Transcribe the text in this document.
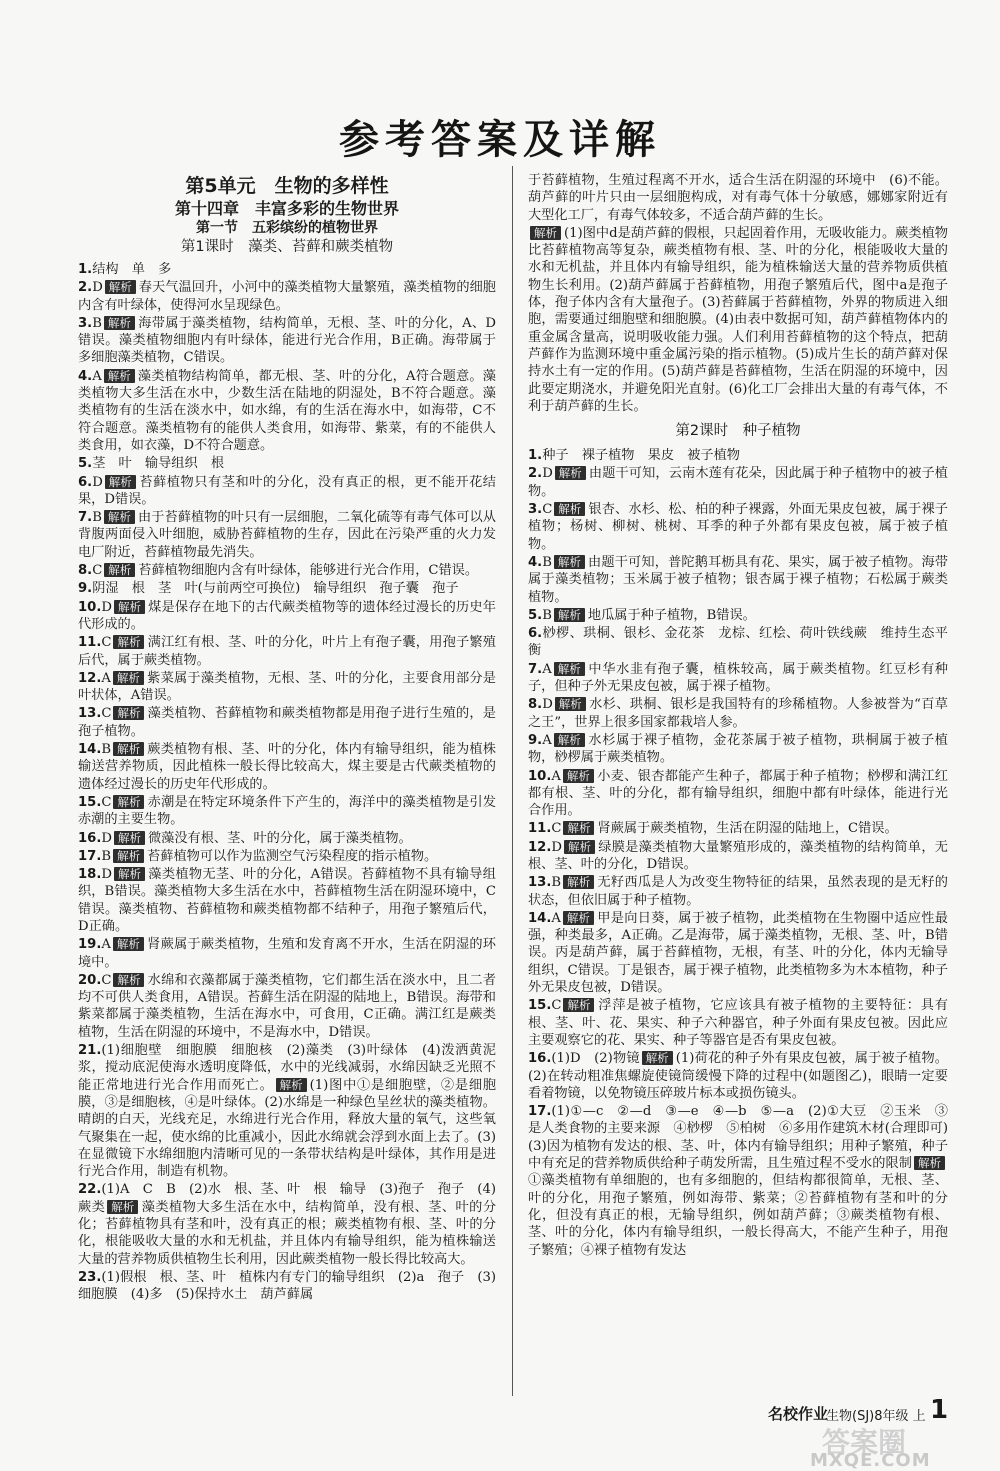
参考答案及详解
第5单元　生物的多样性
第十四章　丰富多彩的生物世界
第一节　五彩缤纷的植物世界
第1课时　藻类、苔藓和蕨类植物
1.结构　单　多
2.D 解析 春天气温回升，小河中的藻类植物大量繁殖，藻类植物的细胞内含有叶绿体，使得河水呈现绿色。
3.B 解析 海带属于藻类植物，结构简单，无根、茎、叶的分化，A、D错误。藻类植物细胞内有叶绿体，能进行光合作用，B正确。海带属于多细胞藻类植物，C错误。
4.A 解析 藻类植物结构简单，都无根、茎、叶的分化，A符合题意。藻类植物大多生活在水中，少数生活在陆地的阴湿处，B不符合题意。藻类植物有的生活在淡水中，如水绵，有的生活在海水中，如海带，C不符合题意。藻类植物有的能供人类食用，如海带、紫菜，有的不能供人类食用，如衣藻，D不符合题意。
5.茎　叶　输导组织　根
6.D 解析 苔藓植物只有茎和叶的分化，没有真正的根，更不能开花结果，D错误。
7.B 解析 由于苔藓植物的叶只有一层细胞，二氧化硫等有毒气体可以从背腹两面侵入叶细胞，威胁苔藓植物的生存，因此在污染严重的火力发电厂附近，苔藓植物最先消失。
8.C 解析 苔藓植物细胞内含有叶绿体，能够进行光合作用，C错误。
9.阴湿　根　茎　叶(与前两空可换位)　输导组织　孢子囊　孢子
10.D 解析 煤是保存在地下的古代蕨类植物等的遗体经过漫长的历史年代形成的。
11.C 解析 满江红有根、茎、叶的分化，叶片上有孢子囊，用孢子繁殖后代，属于蕨类植物。
12.A 解析 紫菜属于藻类植物，无根、茎、叶的分化，主要食用部分是叶状体，A错误。
13.C 解析 藻类植物、苔藓植物和蕨类植物都是用孢子进行生殖的，是孢子植物。
14.B 解析 蕨类植物有根、茎、叶的分化，体内有输导组织，能为植株输送营养物质，因此植株一般长得比较高大，煤主要是古代蕨类植物的遗体经过漫长的历史年代形成的。
15.C 解析 赤潮是在特定环境条件下产生的，海洋中的藻类植物是引发赤潮的主要生物。
16.D 解析 微藻没有根、茎、叶的分化，属于藻类植物。
17.B 解析 苔藓植物可以作为监测空气污染程度的指示植物。
18.D 解析 藻类植物无茎、叶的分化，A错误。苔藓植物不具有输导组织，B错误。藻类植物大多生活在水中，苔藓植物生活在阴湿环境中，C错误。藻类植物、苔藓植物和蕨类植物都不结种子，用孢子繁殖后代，D正确。
19.A 解析 肾蕨属于蕨类植物，生殖和发育离不开水，生活在阴湿的环境中。
20.C 解析 水绵和衣藻都属于藻类植物，它们都生活在淡水中，且二者均不可供人类食用，A错误。苔藓生活在阴湿的陆地上，B错误。海带和紫菜都属于藻类植物，生活在海水中，可食用，C正确。满江红是蕨类植物，生活在阴湿的环境中，不是海水中，D错误。
21.(1)细胞壁　细胞膜　细胞核　(2)藻类　(3)叶绿体　(4)泼洒黄泥浆，搅动底泥使海水透明度降低，水中的光线减弱，水绵因缺乏光照不能正常地进行光合作用而死亡。 解析 (1)图中①是细胞壁，②是细胞膜，③是细胞核，④是叶绿体。(2)水绵是一种绿色呈丝状的藻类植物。晴朗的白天，光线充足，水绵进行光合作用，释放大量的氧气，这些氧气聚集在一起，使水绵的比重减小，因此水绵就会浮到水面上去了。(3)在显微镜下水绵细胞内清晰可见的一条带状结构是叶绿体，其作用是进行光合作用，制造有机物。
22.(1)A　C　B　(2)水　根、茎、叶　根　输导　(3)孢子　孢子　(4)蕨类 解析 藻类植物大多生活在水中，结构简单，没有根、茎、叶的分化；苔藓植物具有茎和叶，没有真正的根；蕨类植物有根、茎、叶的分化，根能吸收大量的水和无机盐，并且体内有输导组织，能为植株输送大量的营养物质供植物生长利用，因此蕨类植物一般长得比较高大。
23.(1)假根　根、茎、叶　植株内有专门的输导组织　(2)a　孢子　(3)细胞膜　(4)多　(5)保持水土　葫芦藓属
于苔藓植物，生殖过程离不开水，适合生活在阴湿的环境中　(6)不能。葫芦藓的叶片只由一层细胞构成，对有毒气体十分敏感，娜娜家附近有大型化工厂，有毒气体较多，不适合葫芦藓的生长。
解析 (1)图中d是葫芦藓的假根，只起固着作用，无吸收能力。蕨类植物比苔藓植物高等复杂，蕨类植物有根、茎、叶的分化，根能吸收大量的水和无机盐，并且体内有输导组织，能为植株输送大量的营养物质供植物生长利用。(2)葫芦藓属于苔藓植物，用孢子繁殖后代，图中a是孢子体，孢子体内含有大量孢子。(3)苔藓属于苔藓植物，外界的物质进入细胞，需要通过细胞壁和细胞膜。(4)由表中数据可知，葫芦藓植物体内的重金属含量高，说明吸收能力强。人们利用苔藓植物的这个特点，把葫芦藓作为监测环境中重金属污染的指示植物。(5)成片生长的葫芦藓对保持水土有一定的作用。(5)葫芦藓是苔藓植物，生活在阴湿的环境中，因此要定期浇水，并避免阳光直射。(6)化工厂会排出大量的有毒气体，不利于葫芦藓的生长。
第2课时　种子植物
1.种子　裸子植物　果皮　被子植物
2.D 解析 由题干可知，云南木莲有花朵，因此属于种子植物中的被子植物。
3.C 解析 银杏、水杉、松、柏的种子裸露，外面无果皮包被，属于裸子植物；杨树、柳树、桃树、耳季的种子外都有果皮包被，属于被子植物。
4.B 解析 由题干可知，普陀鹅耳枥具有花、果实，属于被子植物。海带属于藻类植物；玉米属于被子植物；银杏属于裸子植物；石松属于蕨类植物。
5.B 解析 地瓜属于种子植物，B错误。
6.桫椤、珙桐、银杉、金花茶　龙棕、红桧、荷叶铁线蕨　维持生态平衡
7.A 解析 中华水韭有孢子囊，植株较高，属于蕨类植物。红豆杉有种子，但种子外无果皮包被，属于裸子植物。
8.D 解析 水杉、珙桐、银杉是我国特有的珍稀植物。人参被誉为“百草之王”，世界上很多国家都栽培人参。
9.A 解析 水杉属于裸子植物，金花茶属于被子植物，珙桐属于被子植物，桫椤属于蕨类植物。
10.A 解析 小麦、银杏都能产生种子，都属于种子植物；桫椤和满江红都有根、茎、叶的分化，都有输导组织，细胞中都有叶绿体，能进行光合作用。
11.C 解析 肾蕨属于蕨类植物，生活在阴湿的陆地上，C错误。
12.D 解析 绿膜是藻类植物大量繁殖形成的，藻类植物的结构简单，无根、茎、叶的分化，D错误。
13.B 解析 无籽西瓜是人为改变生物特征的结果，虽然表现的是无籽的状态，但依旧属于种子植物。
14.A 解析 甲是向日葵，属于被子植物，此类植物在生物圈中适应性最强，种类最多，A正确。乙是海带，属于藻类植物，无根、茎、叶，B错误。丙是葫芦藓，属于苔藓植物，无根，有茎、叶的分化，体内无输导组织，C错误。丁是银杏，属于裸子植物，此类植物多为木本植物，种子外无果皮包被，D错误。
15.C 解析 浮萍是被子植物，它应该具有被子植物的主要特征：具有根、茎、叶、花、果实、种子六种器官，种子外面有果皮包被。因此应主要观察它的花、果实、种子等器官是否有果皮包被。
16.(1)D　(2)物镜 解析 (1)荷花的种子外有果皮包被，属于被子植物。(2)在转动粗准焦螺旋使镜筒缓慢下降的过程中(如题图乙)，眼睛一定要看着物镜，以免物镜压碎玻片标本或损伤镜头。
17.(1)①—c　②—d　③—e　④—b　⑤—a　(2)①大豆　②玉米　③是人类食物的主要来源　④桫椤　⑤柏树　⑥多用作建筑木材(合理即可)　(3)因为植物有发达的根、茎、叶，体内有输导组织；用种子繁殖，种子中有充足的营养物质供给种子萌发所需，且生殖过程不受水的限制 解析①藻类植物有单细胞的，也有多细胞的，但结构都很简单，无根、茎、叶的分化，用孢子繁殖，例如海带、紫菜；②苔藓植物有茎和叶的分化，但没有真正的根，无输导组织，例如葫芦藓；③蕨类植物有根、茎、叶的分化，体内有输导组织，一般长得高大，不能产生种子，用孢子繁殖；④裸子植物有发达
名校作业
生物(SJ)8年级 上 1
答案圈
MXQE.COM
